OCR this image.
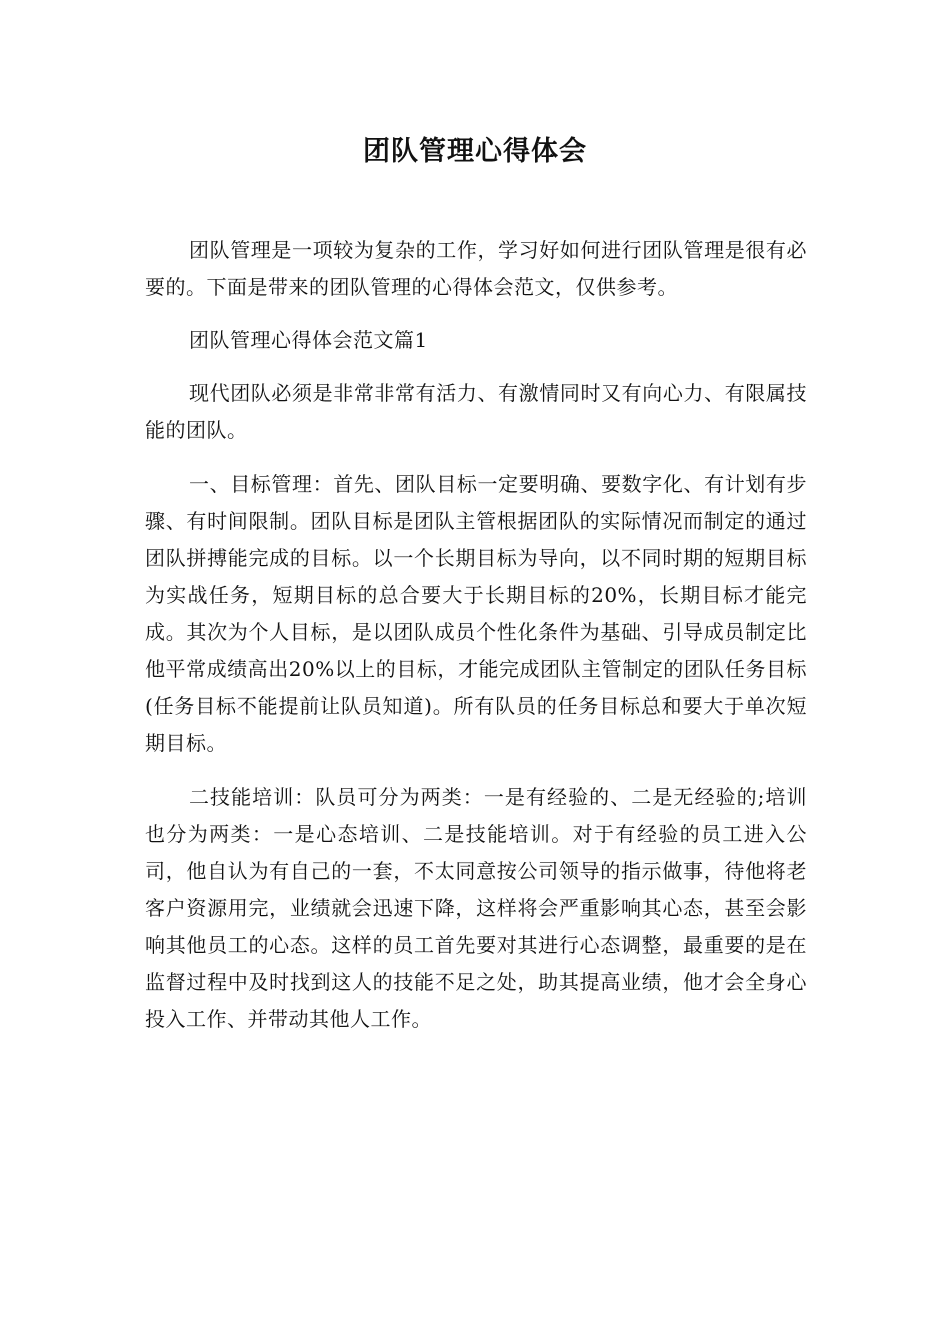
团队管理心得体会

团队管理是一项较为复杂的工作，学习好如何进行团队管理是很有必要的。下面是带来的团队管理的心得体会范文，仅供参考。

团队管理心得体会范文篇1

现代团队必须是非常非常有活力、有激情同时又有向心力、有限属技能的团队。

一、目标管理：首先、团队目标一定要明确、要数字化、有计划有步骤、有时间限制。团队目标是团队主管根据团队的实际情况而制定的通过团队拼搏能完成的目标。以一个长期目标为导向，以不同时期的短期目标为实战任务，短期目标的总合要大于长期目标的20%，长期目标才能完成。其次为个人目标，是以团队成员个性化条件为基础、引导成员制定比他平常成绩高出20%以上的目标，才能完成团队主管制定的团队任务目标(任务目标不能提前让队员知道)。所有队员的任务目标总和要大于单次短期目标。

二技能培训：队员可分为两类：一是有经验的、二是无经验的;培训也分为两类：一是心态培训、二是技能培训。对于有经验的员工进入公司，他自认为有自己的一套，不太同意按公司领导的指示做事，待他将老客户资源用完，业绩就会迅速下降，这样将会严重影响其心态，甚至会影响其他员工的心态。这样的员工首先要对其进行心态调整，最重要的是在监督过程中及时找到这人的技能不足之处，助其提高业绩，他才会全身心投入工作、并带动其他人工作。
